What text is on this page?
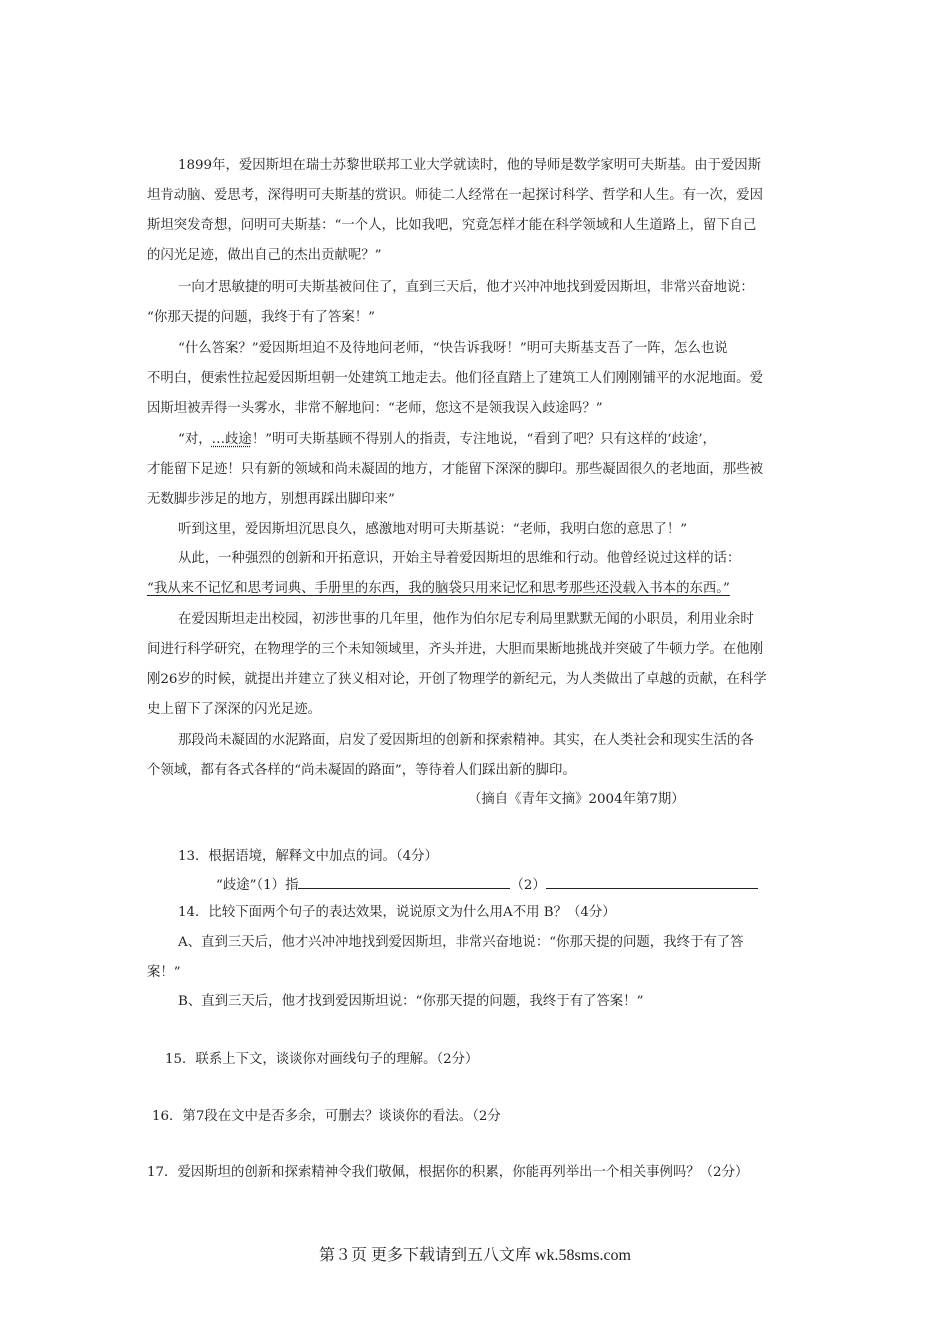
1899年，爱因斯坦在瑞士苏黎世联邦工业大学就读时，他的导师是数学家明可夫斯基。由于爱因斯
坦肯动脑、爱思考，深得明可夫斯基的赏识。师徒二人经常在一起探讨科学、哲学和人生。有一次，爱因
斯坦突发奇想，问明可夫斯基：“一个人，比如我吧，究竟怎样才能在科学领域和人生道路上，留下自己
的闪光足迹，做出自己的杰出贡献呢？”
一向才思敏捷的明可夫斯基被问住了，直到三天后，他才兴冲冲地找到爱因斯坦，非常兴奋地说：
“你那天提的问题，我终于有了答案！”
“什么答案？”爱因斯坦迫不及待地问老师，“快告诉我呀！”明可夫斯基支吾了一阵，怎么也说
不明白，便索性拉起爱因斯坦朝一处建筑工地走去。他们径直踏上了建筑工人们刚刚铺平的水泥地面。爱
因斯坦被弄得一头雾水，非常不解地问：“老师，您这不是领我误入歧途吗？”
“对，…歧途！”明可夫斯基顾不得别人的指责，专注地说，“看到了吧？只有这样的‘歧途’，
才能留下足迹！只有新的领域和尚未凝固的地方，才能留下深深的脚印。那些凝固很久的老地面，那些被
无数脚步涉足的地方，别想再踩出脚印来”
听到这里，爱因斯坦沉思良久，感激地对明可夫斯基说：“老师，我明白您的意思了！”
从此，一种强烈的创新和开拓意识，开始主导着爱因斯坦的思维和行动。他曾经说过这样的话：
“我从来不记忆和思考词典、手册里的东西，我的脑袋只用来记忆和思考那些还没载入书本的东西。”
在爱因斯坦走出校园，初涉世事的几年里，他作为伯尔尼专利局里默默无闻的小职员，利用业余时
间进行科学研究，在物理学的三个未知领域里，齐头并进，大胆而果断地挑战并突破了牛顿力学。在他刚
刚26岁的时候，就提出并建立了狭义相对论，开创了物理学的新纪元，为人类做出了卓越的贡献，在科学
史上留下了深深的闪光足迹。
那段尚未凝固的水泥路面，启发了爱因斯坦的创新和探索精神。其实，在人类社会和现实生活的各
个领域，都有各式各样的“尚未凝固的路面”，等待着人们踩出新的脚印。
（摘自《青年文摘》2004年第7期）
13．根据语境，解释文中加点的词。（4分）
“歧途”（1）指	（2）
14．比较下面两个句子的表达效果，说说原文为什么用A不用 B？（4分）
A、直到三天后，他才兴冲冲地找到爱因斯坦，非常兴奋地说：“你那天提的问题，我终于有了答
案！”
B、直到三天后，他才找到爱因斯坦说：“你那天提的问题，我终于有了答案！”
15．联系上下文，谈谈你对画线句子的理解。（2分）
16．第7段在文中是否多余，可删去？谈谈你的看法。（2分
17．爱因斯坦的创新和探索精神令我们敬佩，根据你的积累，你能再列举出一个相关事例吗？（2分）
第３页 更多下载请到五八文库 wk.58sms.com
